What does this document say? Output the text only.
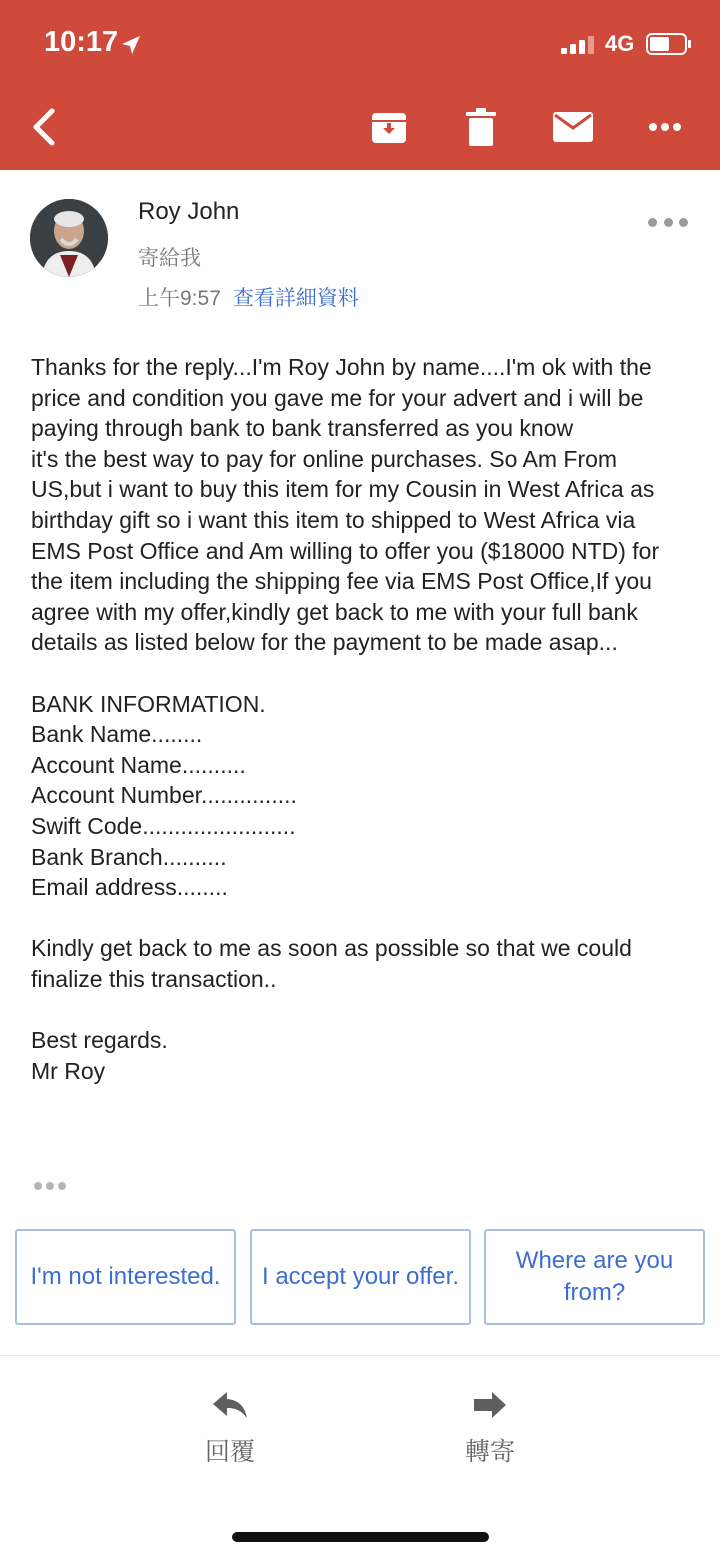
10:17	4G
Roy John
寄給我
上午9:57 查看詳細資料
Thanks for the reply...I'm Roy John by name....I'm ok with the price and condition you gave me for your advert and i will be paying through bank to bank transferred as you know
it's the best way to pay for online purchases. So Am From US,but i want to buy this item for my Cousin in West Africa as birthday gift so i want this item to shipped to West Africa via EMS Post Office and Am willing to offer you ($18000 NTD) for the item including the shipping fee via EMS Post Office,If you agree with my offer,kindly get back to me with your full bank details as listed below for the payment to be made asap...
BANK INFORMATION.
Bank Name........
Account Name..........
Account Number...............
Swift Code........................
Bank Branch..........
Email address........
Kindly get back to me as soon as possible so that we could finalize this transaction..
Best regards.
Mr Roy
I'm not interested.	I accept your offer.
Where are you from?
回覆	轉寄
